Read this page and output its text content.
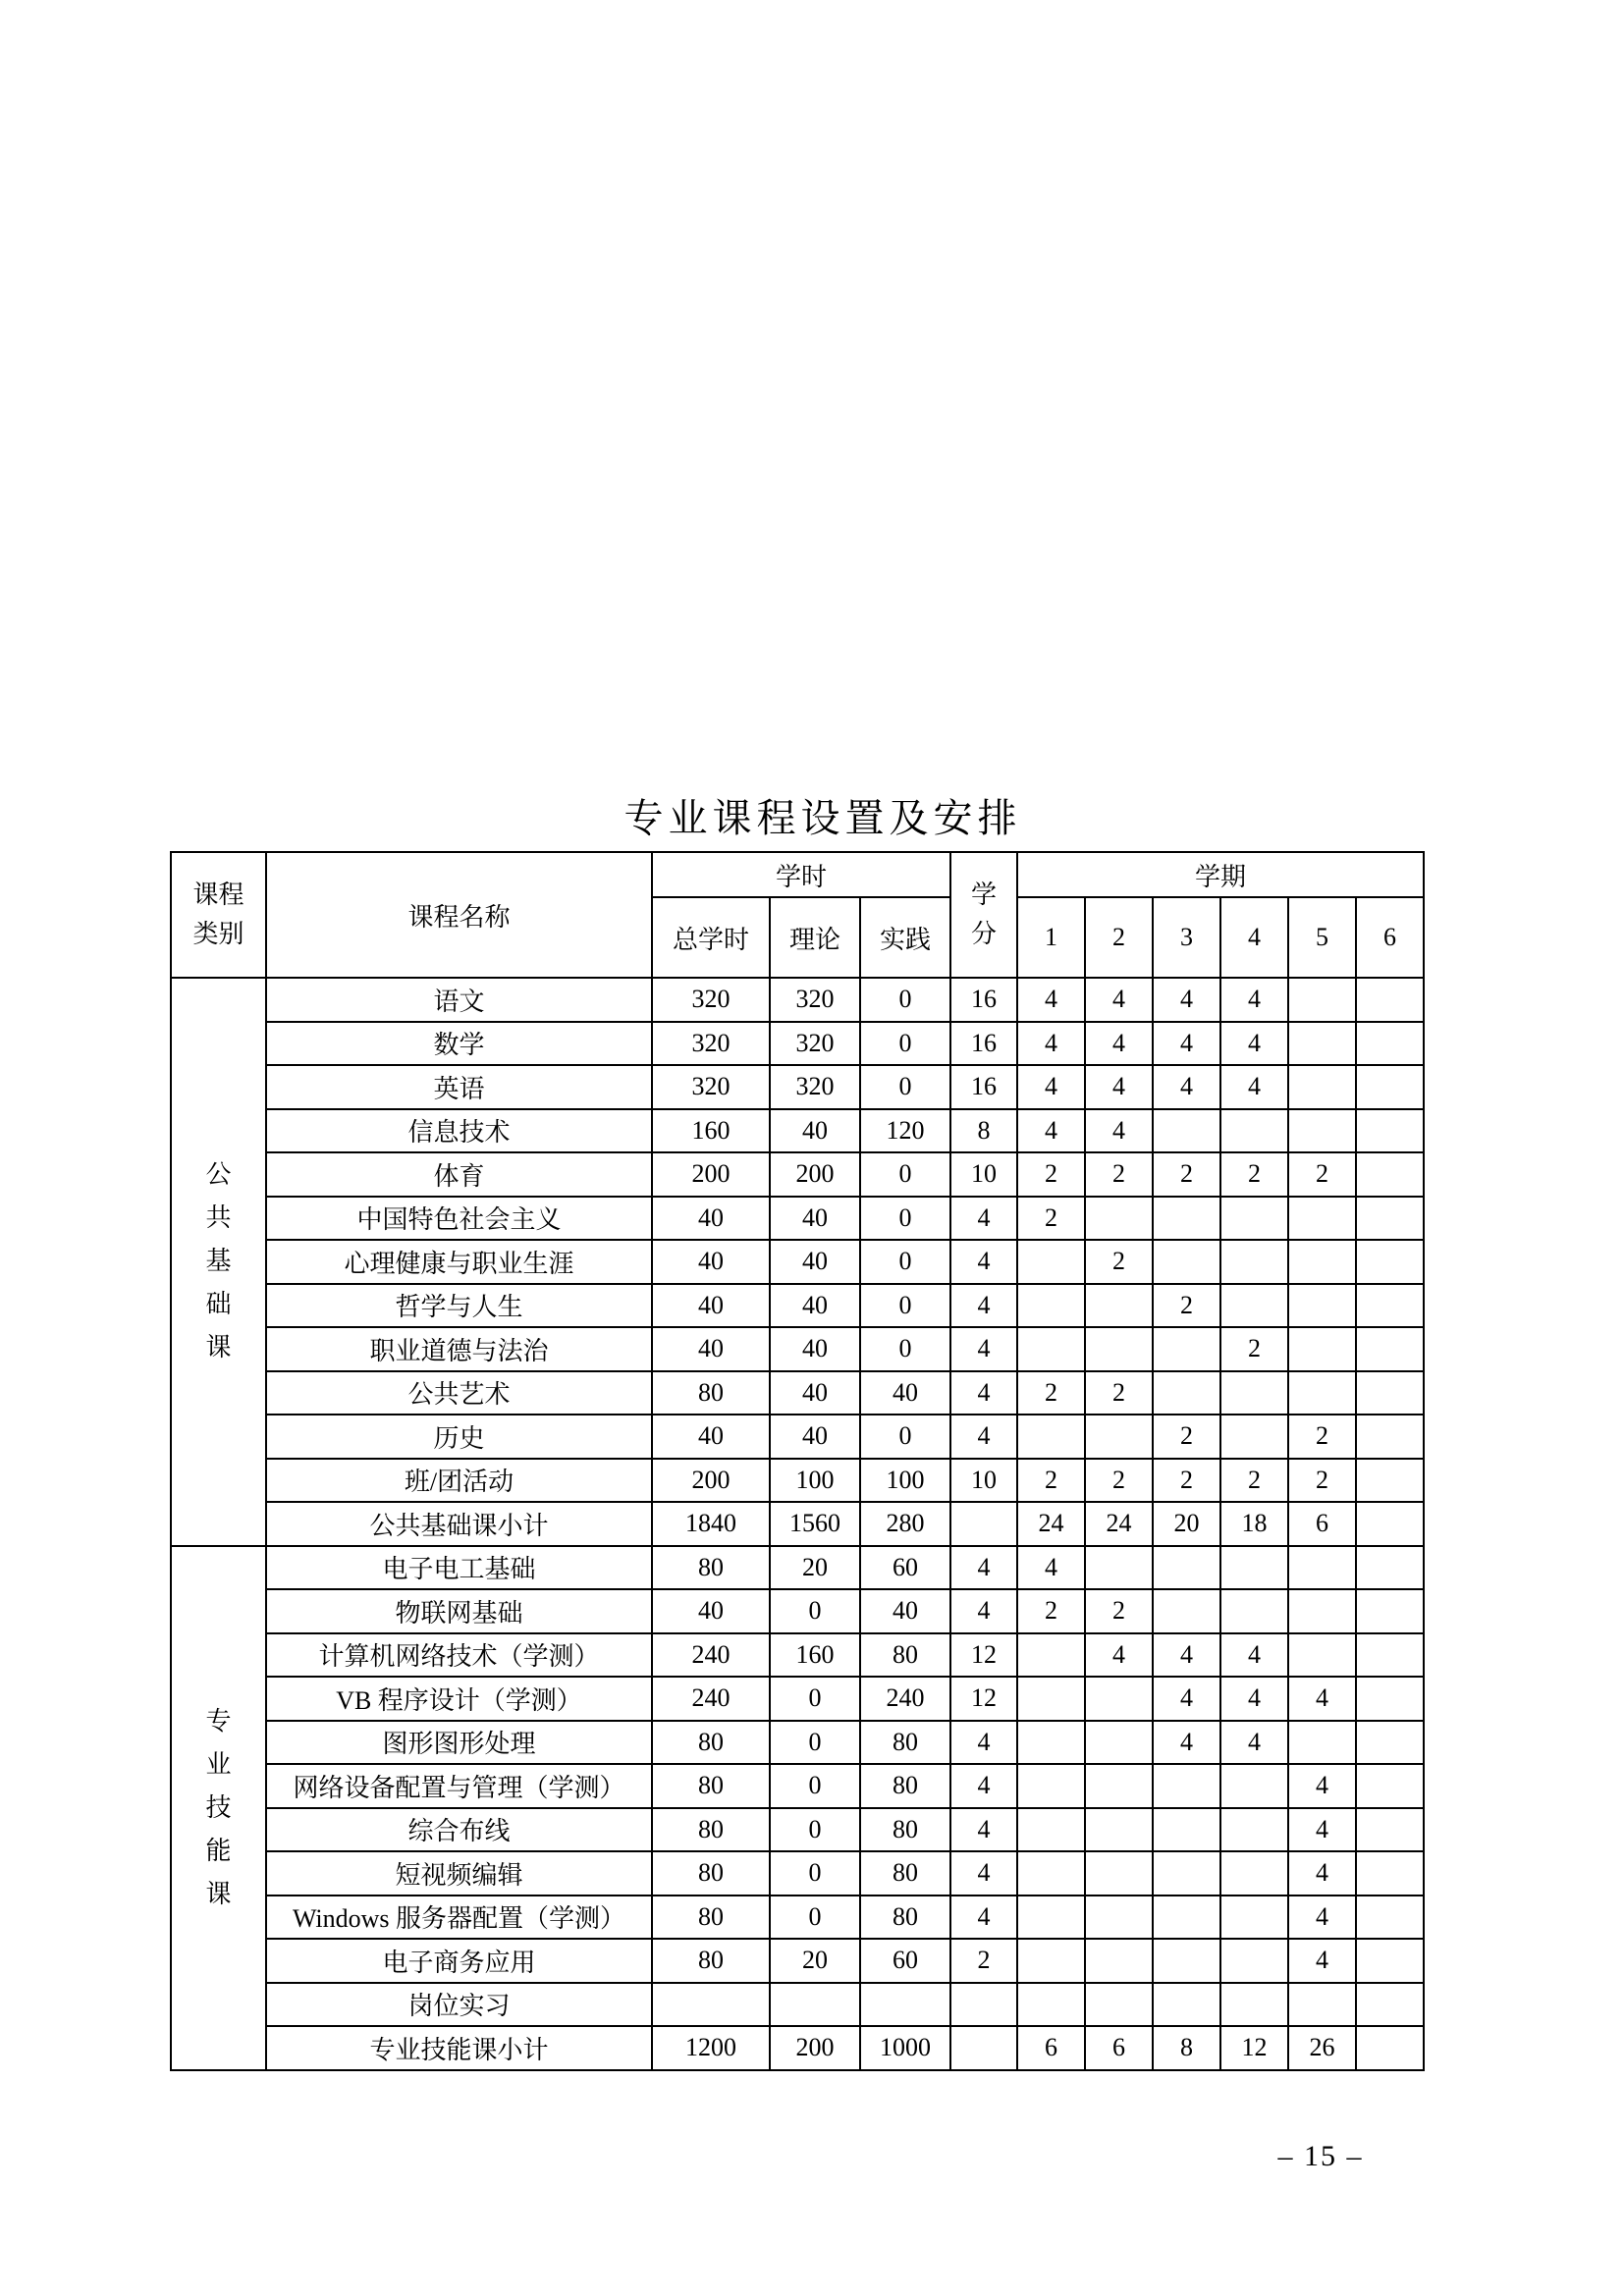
专业课程设置及安排
课程
类别
	课程名称	学时	
学
分
	学期
		总学时	理论	实践		1	2	3	4	5	6

公
共
基
础
课	语文	320	320	0	16	4	4	4	4		
	数学	320	320	0	16	4	4	4	4		
	英语	320	320	0	16	4	4	4	4		
	信息技术	160	40	120	8	4	4				
	体育	200	200	0	10	2	2	2	2	2	
	中国特色社会主义	40	40	0	4	2					
	心理健康与职业生涯	40	40	0	4		2				
	哲学与人生	40	40	0	4			2			
	职业道德与法治	40	40	0	4				2		
	公共艺术	80	40	40	4	2	2				
	历史	40	40	0	4			2		2	
	班/团活动	200	100	100	10	2	2	2	2	2	
	公共基础课小计	1840	1560	280		24	24	20	18	6	

专
业
技
能
课	电子电工基础	80	20	60	4	4					
	物联网基础	40	0	40	4	2	2				
	计算机网络技术（学测）	240	160	80	12		4	4	4		
	VB 程序设计（学测）	240	0	240	12			4	4	4	
	图形图形处理	80	0	80	4			4	4		
	网络设备配置与管理（学测）	80	0	80	4					4	
	综合布线	80	0	80	4					4	
	短视频编辑	80	0	80	4					4	
	Windows 服务器配置（学测）	80	0	80	4					4	
	电子商务应用	80	20	60	2					4	
	岗位实习										
	专业技能课小计	1200	200	1000		6	6	8	12	26	
– 15 –
